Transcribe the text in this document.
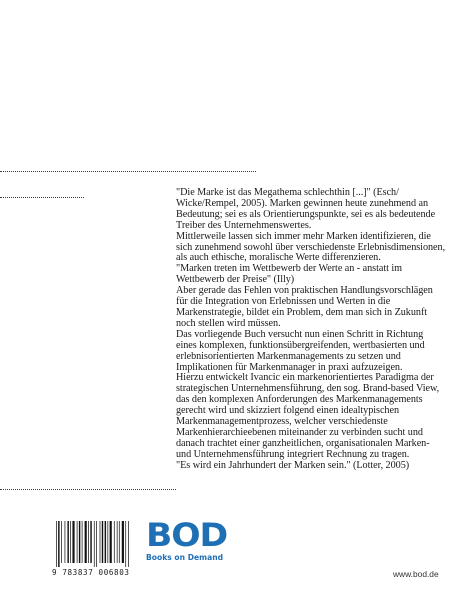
"Die Marke ist das Megathema schlechthin [...]" (Esch/ Wicke/Rempel, 2005). Marken gewinnen heute zunehmend an Bedeutung; sei es als Orientierungspunkte, sei es als bedeutende Treiber des Unternehmenswertes.

Mittlerweile lassen sich immer mehr Marken identifizieren, die sich zunehmend sowohl über verschiedenste Erlebnisdimensionen, als auch ethische, moralische Werte differenzieren.

"Marken treten im Wettbewerb der Werte an - anstatt im Wettbewerb der Preise" (Illy)

Aber gerade das Fehlen von praktischen Handlungsvorschlägen für die Integration von Erlebnissen und Werten in die Markenstrategie, bildet ein Problem, dem man sich in Zukunft noch stellen wird müssen.

Das vorliegende Buch versucht nun einen Schritt in Richtung eines komplexen, funktionsübergreifenden, wertbasierten und erlebnisorientierten Markenmanagements zu setzen und Implikationen für Markenmanager in praxi aufzuzeigen.

Hierzu entwickelt Ivancic ein markenorientiertes Paradigma der strategischen Unternehmensführung, den sog. Brand-based View, das den komplexen Anforderungen des Markenmanagements gerecht wird und skizziert folgend einen idealtypischen Markenmanagementprozess, welcher verschiedenste Markenhierarchieebenen miteinander zu verbinden sucht und danach trachtet einer ganzheitlichen, organisationalen Marken- und Unternehmensführung integriert Rechnung zu tragen.

"Es wird ein Jahrhundert der Marken sein." (Lotter, 2005)

9 783837 006803
BOD
Books on Demand
www.bod.de
